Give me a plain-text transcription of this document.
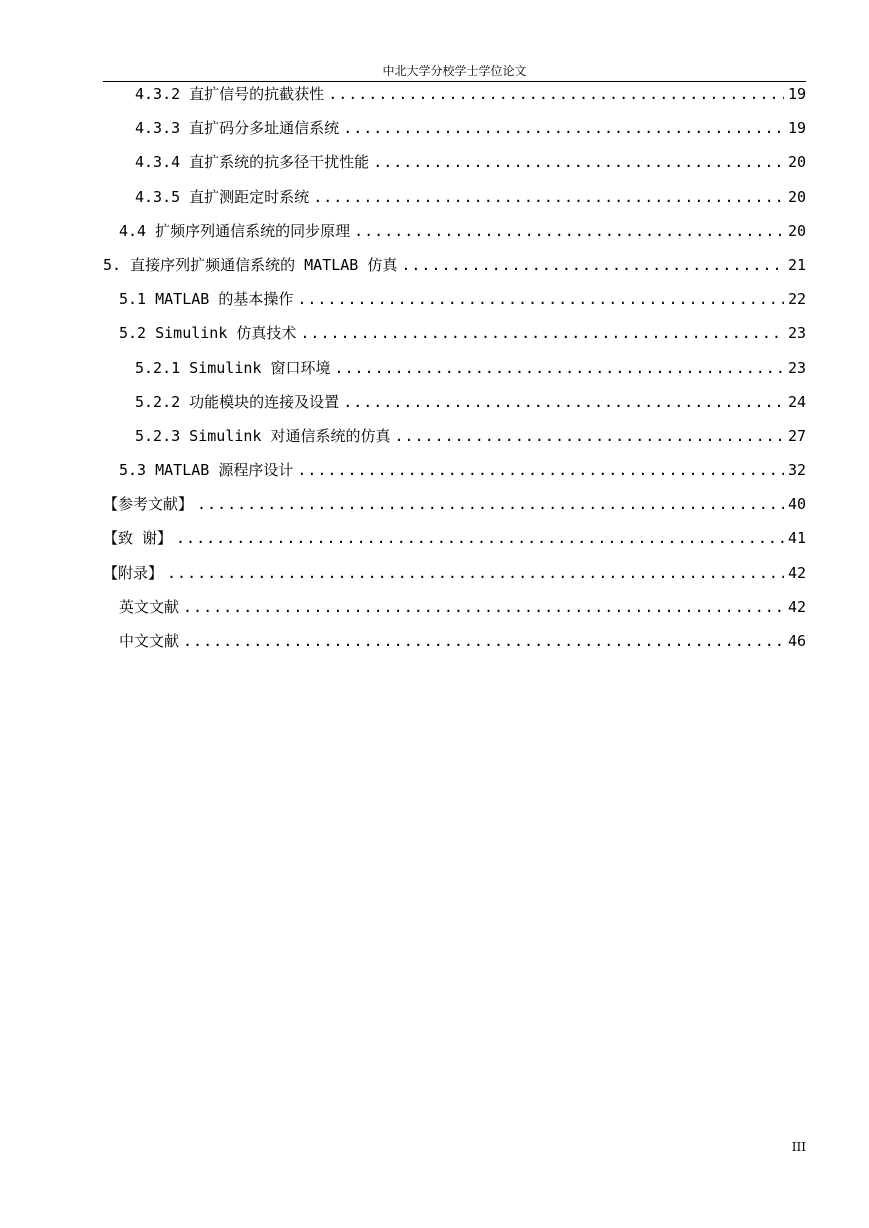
中北大学分校学士学位论文
4.3.2 直扩信号的抗截获性 .....	19
4.3.3 直扩码分多址通信系统 .....	19
4.3.4 直扩系统的抗多径干扰性能 .....	20
4.3.5 直扩测距定时系统 .....	20
4.4 扩频序列通信系统的同步原理 .....	20
5. 直接序列扩频通信系统的 MATLAB 仿真 .....	21
5.1 MATLAB 的基本操作 .....	22
5.2 Simulink 仿真技术 .....	23
5.2.1 Simulink 窗口环境 .....	23
5.2.2 功能模块的连接及设置 .....	24
5.2.3 Simulink 对通信系统的仿真 .....	27
5.3 MATLAB 源程序设计 .....	32
【参考文献】 .....	40
【致 谢】 .....	41
【附录】 .....	42
英文文献 .....	42
中文文献 .....	46
III
